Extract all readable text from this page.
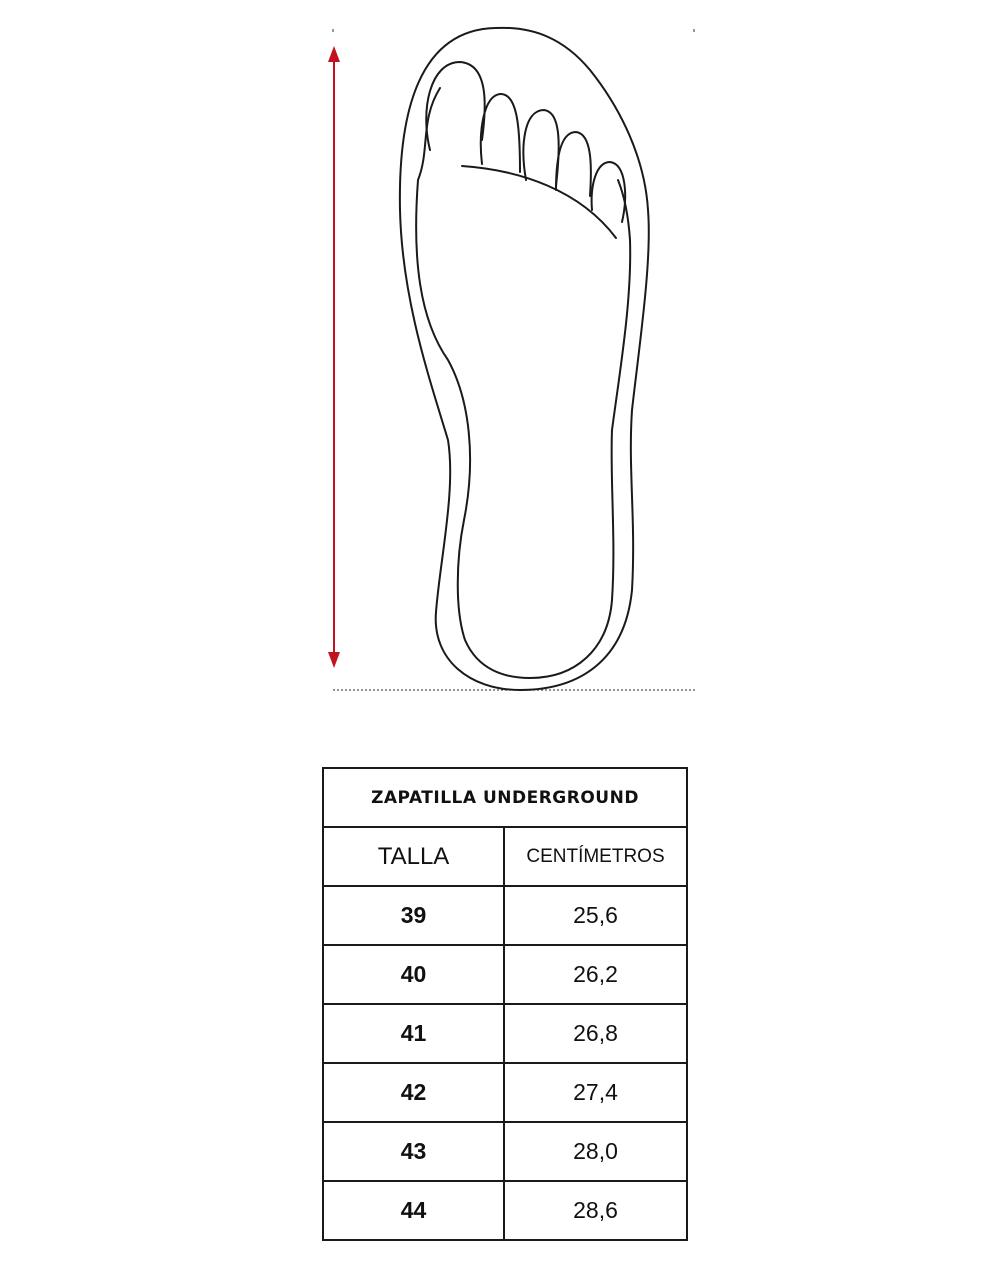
ZAPATILLA UNDERGROUND	
TALLA	CENTÍMETROS
39	25,6
40	26,2
41	26,8
42	27,4
43	28,0
44	28,6
